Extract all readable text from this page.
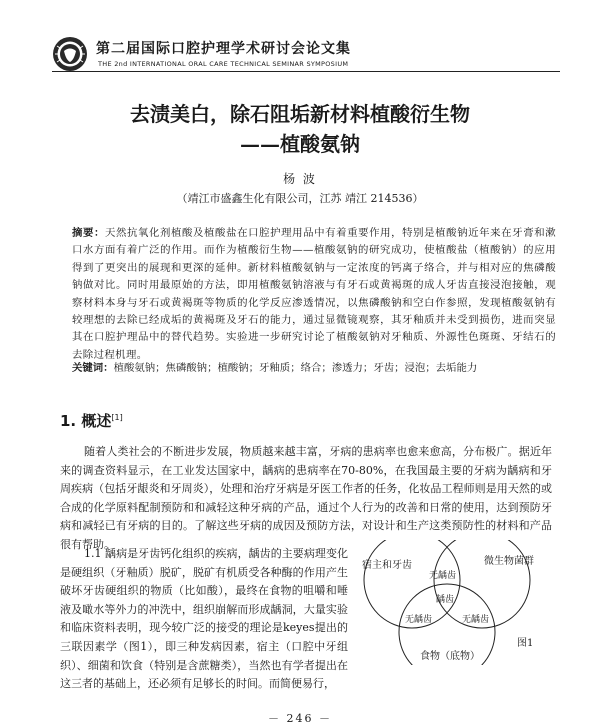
第二届国际口腔护理学术研讨会论文集
THE 2nd INTERNATIONAL ORAL CARE TECHNICAL SEMINAR SYMPOSIUM
去渍美白，除石阻垢新材料植酸衍生物
——植酸氨钠
杨 波
（靖江市盛鑫生化有限公司，江苏 靖江 214536）

摘要：天然抗氧化剂植酸及植酸盐在口腔护理用品中有着重要作用，特别是植酸钠近年来在牙膏和漱口水方面有着广泛的作用。而作为植酸衍生物——植酸氨钠的研究成功，使植酸盐（植酸钠）的应用得到了更突出的展现和更深的延伸。新材料植酸氨钠与一定浓度的钙离子络合，并与相对应的焦磷酸钠做对比。同时用最原始的方法，即用植酸氨钠溶液与有牙石或黄褐斑的成人牙齿直接浸泡接触，观察材料本身与牙石或黄褐斑等物质的化学反应渗透情况，以焦磷酸钠和空白作参照，发现植酸氨钠有较理想的去除已经成垢的黄褐斑及牙石的能力，通过显微镜观察，其牙釉质并未受到损伤，进而突显其在口腔护理品中的替代趋势。实验进一步研究讨论了植酸氨钠对牙釉质、外源性色斑斑、牙结石的去除过程机理。

关键词：植酸氨钠；焦磷酸钠；植酸钠；牙釉质；络合；渗透力；牙齿；浸泡；去垢能力

1. 概述[1]

随着人类社会的不断进步发展，物质越来越丰富，牙病的患病率也愈来愈高，分布极广。据近年来的调查资料显示，在工业发达国家中，龋病的患病率在70-80%，在我国最主要的牙病为龋病和牙周疾病（包括牙龈炎和牙周炎），处理和治疗牙病是牙医工作者的任务，化妆品工程师则是用天然的或合成的化学原料配制预防和和减轻这种牙病的产品，通过个人行为的改善和日常的使用，达到预防牙病和减轻已有牙病的目的。了解这些牙病的成因及预防方法，对设计和生产这类预防性的材料和产品很有帮助。

1.1 龋病是牙齿钙化组织的疾病，龋齿的主要病理变化是硬组织（牙釉质）脱矿，脱矿有机质受各种酶的作用产生破坏牙齿硬组织的物质（比如酸），最终在食物的咀嚼和唾液及噉水等外力的冲洗中，组织崩解而形成龋洞，大量实验和临床资料表明，现今较广泛的接受的理论是keyes提出的三联因素学（图1），即三种发病因素，宿主（口腔中牙组织）、细菌和饮食（特别是含蔗糖类），当然也有学者提出在这三者的基础上，还必须有足够长的时间。而简便易行，

宿主和牙齿	微生物菌群
食物（底物）
无龋齿
无龋齿	无龋齿
龋齿
图1
－ 246 －
